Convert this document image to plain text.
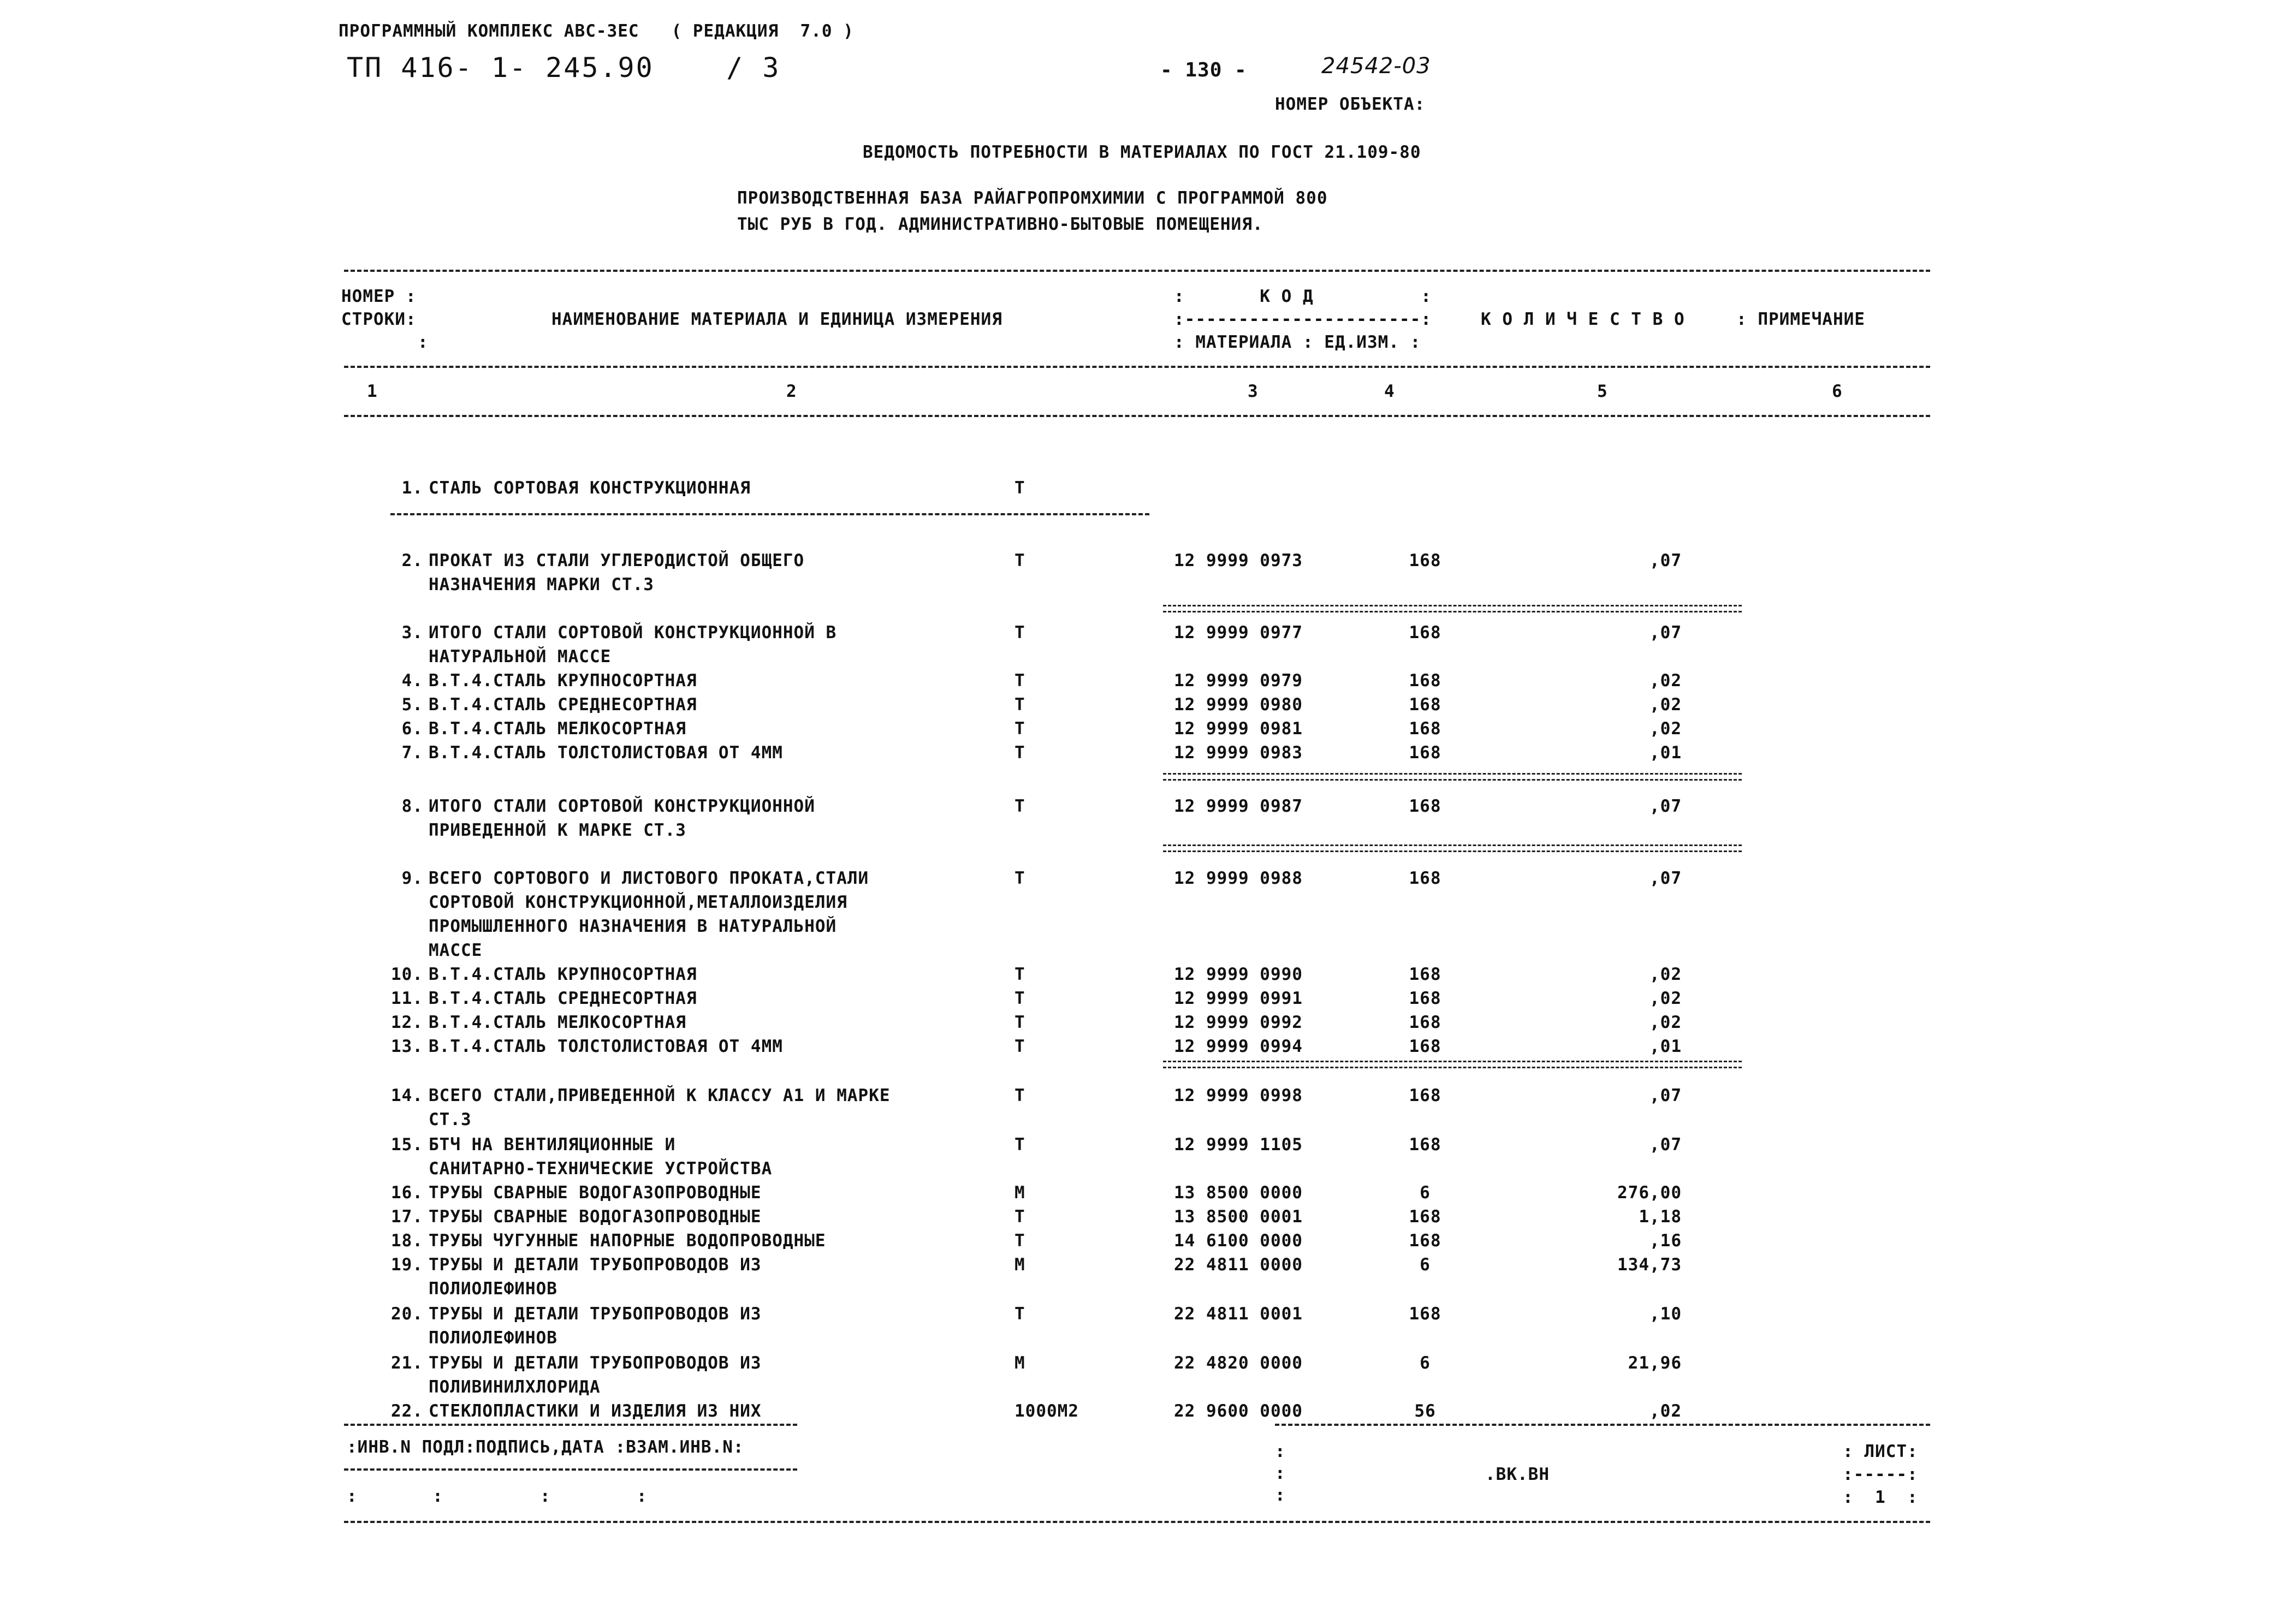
ПРОГРАММНЫЙ КОМПЛЕКС АВС-ЗЕС   ( РЕДАКЦИЯ  7.0 )
ТП 416- 1- 245.90    / 3	- 130 -	24542-03
НОМЕР ОБЪЕКТА:
ВЕДОМОСТЬ ПОТРЕБНОСТИ В МАТЕРИАЛАХ ПО ГОСТ 21.109-80
ПРОИЗВОДСТВЕННАЯ БАЗА РАЙАГРОПРОМХИМИИ С ПРОГРАММОЙ 800
ТЫС РУБ В ГОД. АДМИНИСТРАТИВНО-БЫТОВЫЕ ПОМЕЩЕНИЯ.
НОМЕР :
СТРОКИ:
:
НАИМЕНОВАНИЕ МАТЕРИАЛА И ЕДИНИЦА ИЗМЕРЕНИЯ
:       К О Д          :
:----------------------:
: МАТЕРИАЛА : ЕД.ИЗМ. :
К О Л И Ч Е С Т В О	: ПРИМЕЧАНИЕ
1	2	3	4	5	6
1. СТАЛЬ СОРТОВАЯ КОНСТРУКЦИОННАЯ	Т
2. ПРОКАТ ИЗ СТАЛИ УГЛЕРОДИСТОЙ ОБЩЕГО
НАЗНАЧЕНИЯ МАРКИ СТ.3
Т	12 9999 0973	168	,07
3. ИТОГО СТАЛИ СОРТОВОЙ КОНСТРУКЦИОННОЙ В
НАТУРАЛЬНОЙ МАССЕ
Т	12 9999 0977	168	,07
4. В.Т.4.СТАЛЬ КРУПНОСОРТНАЯ	Т	12 9999 0979	168	,02
5. В.Т.4.СТАЛЬ СРЕДНЕСОРТНАЯ	Т	12 9999 0980	168	,02
6. В.Т.4.СТАЛЬ МЕЛКОСОРТНАЯ	Т	12 9999 0981	168	,02
7. В.Т.4.СТАЛЬ ТОЛСТОЛИСТОВАЯ ОТ 4ММ	Т	12 9999 0983	168	,01
8. ИТОГО СТАЛИ СОРТОВОЙ КОНСТРУКЦИОННОЙ
ПРИВЕДЕННОЙ К МАРКЕ СТ.3
Т	12 9999 0987	168	,07
9. ВСЕГО СОРТОВОГО И ЛИСТОВОГО ПРОКАТА,СТАЛИ
СОРТОВОЙ КОНСТРУКЦИОННОЙ,МЕТАЛЛОИЗДЕЛИЯ
ПРОМЫШЛЕННОГО НАЗНАЧЕНИЯ В НАТУРАЛЬНОЙ
МАССЕ
Т	12 9999 0988	168	,07
10. В.Т.4.СТАЛЬ КРУПНОСОРТНАЯ	Т	12 9999 0990	168	,02
11. В.Т.4.СТАЛЬ СРЕДНЕСОРТНАЯ	Т	12 9999 0991	168	,02
12. В.Т.4.СТАЛЬ МЕЛКОСОРТНАЯ	Т	12 9999 0992	168	,02
13. В.Т.4.СТАЛЬ ТОЛСТОЛИСТОВАЯ ОТ 4ММ	Т	12 9999 0994	168	,01
14. ВСЕГО СТАЛИ,ПРИВЕДЕННОЙ К КЛАССУ А1 И МАРКЕ
СТ.3
Т	12 9999 0998	168	,07
15. БТЧ НА ВЕНТИЛЯЦИОННЫЕ И
САНИТАРНО-ТЕХНИЧЕСКИЕ УСТРОЙСТВА
Т	12 9999 1105	168	,07
16. ТРУБЫ СВАРНЫЕ ВОДОГАЗОПРОВОДНЫЕ	М	13 8500 0000	6	276,00
17. ТРУБЫ СВАРНЫЕ ВОДОГАЗОПРОВОДНЫЕ	Т	13 8500 0001	168	1,18
18. ТРУБЫ ЧУГУННЫЕ НАПОРНЫЕ ВОДОПРОВОДНЫЕ	Т	14 6100 0000	168	,16
19. ТРУБЫ И ДЕТАЛИ ТРУБОПРОВОДОВ ИЗ
ПОЛИОЛЕФИНОВ
М	22 4811 0000	6	134,73
20. ТРУБЫ И ДЕТАЛИ ТРУБОПРОВОДОВ ИЗ
ПОЛИОЛЕФИНОВ
Т	22 4811 0001	168	,10
21. ТРУБЫ И ДЕТАЛИ ТРУБОПРОВОДОВ ИЗ
ПОЛИВИНИЛХЛОРИДА
М	22 4820 0000	6	21,96
22. СТЕКЛОПЛАСТИКИ И ИЗДЕЛИЯ ИЗ НИХ	1000М2	22 9600 0000	56	,02
:ИНВ.N ПОДЛ:ПОДПИСЬ,ДАТА :ВЗАМ.ИНВ.N:
:       :         :        :
:
:
:
.ВК.ВН
: ЛИСТ:
:-----:
:  1  :
